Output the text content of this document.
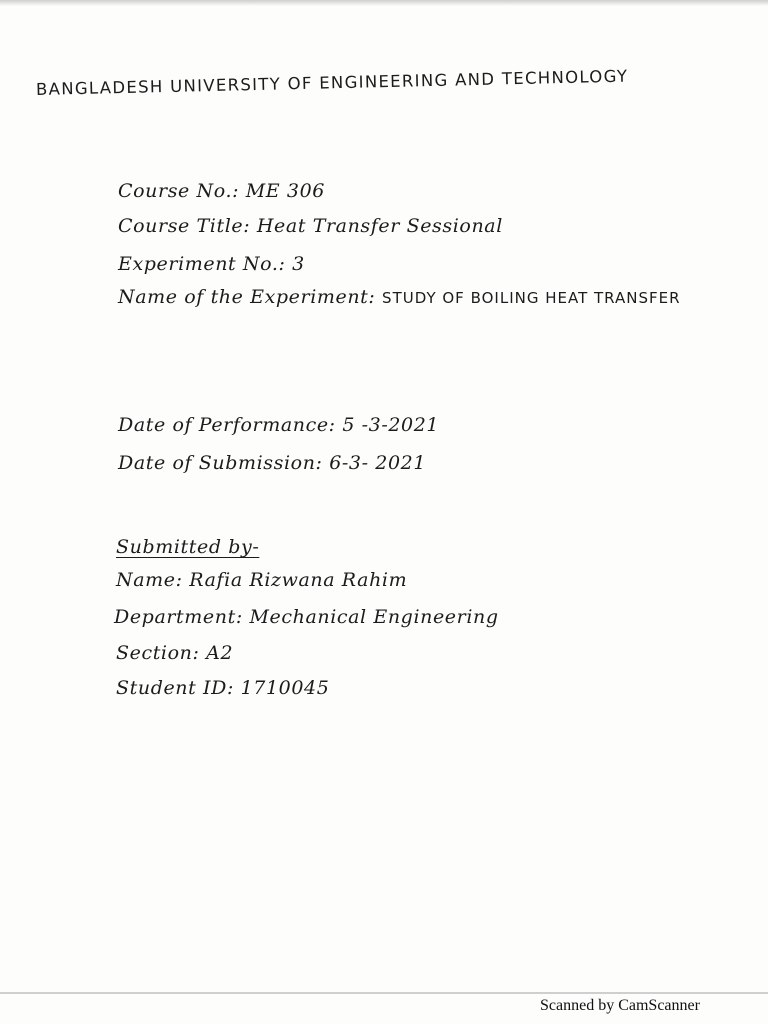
BANGLADESH UNIVERSITY OF ENGINEERING AND TECHNOLOGY
Course No.: ME 306
Course Title: Heat Transfer Sessional
Experiment No.: 3
Name of the Experiment: STUDY OF BOILING HEAT TRANSFER
Date of Performance: 5 -3-2021
Date of Submission: 6-3- 2021
Submitted by-
Name: Rafia Rizwana Rahim
Department: Mechanical Engineering
Section: A2
Student ID: 1710045
Scanned by CamScanner
